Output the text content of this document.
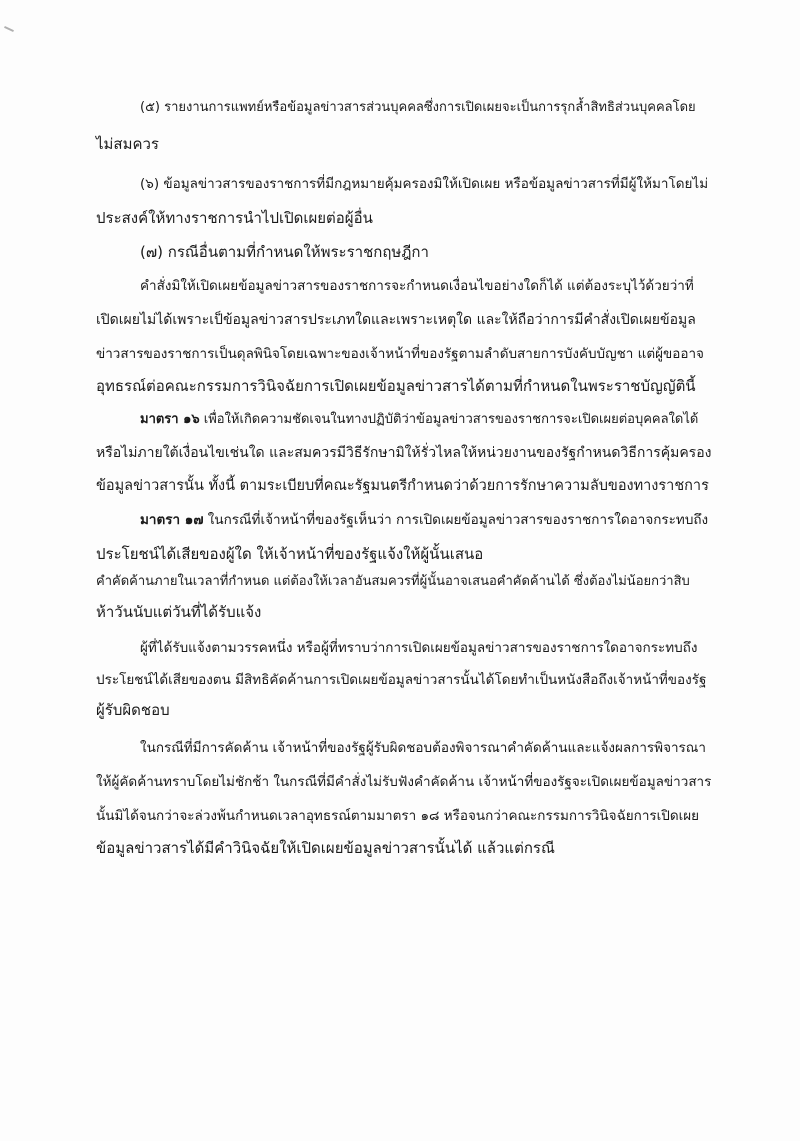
(๕) รายงานการแพทย์หรือข้อมูลข่าวสารส่วนบุคคลซึ่งการเปิดเผยจะเป็นการรุกล้ำสิทธิส่วนบุคคลโดย
ไม่สมควร
(๖) ข้อมูลข่าวสารของราชการที่มีกฎหมายคุ้มครองมิให้เปิดเผย หรือข้อมูลข่าวสารที่มีผู้ให้มาโดยไม่
ประสงค์ให้ทางราชการนำไปเปิดเผยต่อผู้อื่น
(๗) กรณีอื่นตามที่กำหนดให้พระราชกฤษฎีกา
คำสั่งมิให้เปิดเผยข้อมูลข่าวสารของราชการจะกำหนดเงื่อนไขอย่างใดก็ได้ แต่ต้องระบุไว้ด้วยว่าที่
เปิดเผยไม่ได้เพราะเป็ข้อมูลข่าวสารประเภทใดและเพราะเหตุใด และให้ถือว่าการมีคำสั่งเปิดเผยข้อมูล
ข่าวสารของราชการเป็นดุลพินิจโดยเฉพาะของเจ้าหน้าที่ของรัฐตามลำดับสายการบังคับบัญชา แต่ผู้ขออาจ
อุทธรณ์ต่อคณะกรรมการวินิจฉัยการเปิดเผยข้อมูลข่าวสารได้ตามที่กำหนดในพระราชบัญญัตินี้
มาตรา ๑๖ เพื่อให้เกิดความชัดเจนในทางปฏิบัติว่าข้อมูลข่าวสารของราชการจะเปิดเผยต่อบุคคลใดได้
หรือไม่ภายใต้เงื่อนไขเช่นใด และสมควรมีวิธีรักษามิให้รั่วไหลให้หน่วยงานของรัฐกำหนดวิธีการคุ้มครอง
ข้อมูลข่าวสารนั้น ทั้งนี้ ตามระเบียบที่คณะรัฐมนตรีกำหนดว่าด้วยการรักษาความลับของทางราชการ
มาตรา ๑๗ ในกรณีที่เจ้าหน้าที่ของรัฐเห็นว่า การเปิดเผยข้อมูลข่าวสารของราชการใดอาจกระทบถึง
ประโยชน์ได้เสียของผู้ใด ให้เจ้าหน้าที่ของรัฐแจ้งให้ผู้นั้นเสนอ
คำคัดค้านภายในเวลาที่กำหนด แต่ต้องให้เวลาอันสมควรที่ผู้นั้นอาจเสนอคำคัดค้านได้ ซึ่งต้องไม่น้อยกว่าสิบ
ห้าวันนับแต่วันที่ได้รับแจ้ง
ผู้ที่ได้รับแจ้งตามวรรคหนึ่ง หรือผู้ที่ทราบว่าการเปิดเผยข้อมูลข่าวสารของราชการใดอาจกระทบถึง
ประโยชน์ได้เสียของตน มีสิทธิคัดค้านการเปิดเผยข้อมูลข่าวสารนั้นได้โดยทำเป็นหนังสือถึงเจ้าหน้าที่ของรัฐ
ผู้รับผิดชอบ
ในกรณีที่มีการคัดค้าน เจ้าหน้าที่ของรัฐผู้รับผิดชอบต้องพิจารณาคำคัดค้านและแจ้งผลการพิจารณา
ให้ผู้คัดค้านทราบโดยไม่ชักช้า ในกรณีที่มีคำสั่งไม่รับฟังคำคัดค้าน เจ้าหน้าที่ของรัฐจะเปิดเผยข้อมูลข่าวสาร
นั้นมิได้จนกว่าจะล่วงพ้นกำหนดเวลาอุทธรณ์ตามมาตรา ๑๘ หรือจนกว่าคณะกรรมการวินิจฉัยการเปิดเผย
ข้อมูลข่าวสารได้มีคำวินิจฉัยให้เปิดเผยข้อมูลข่าวสารนั้นได้ แล้วแต่กรณี
